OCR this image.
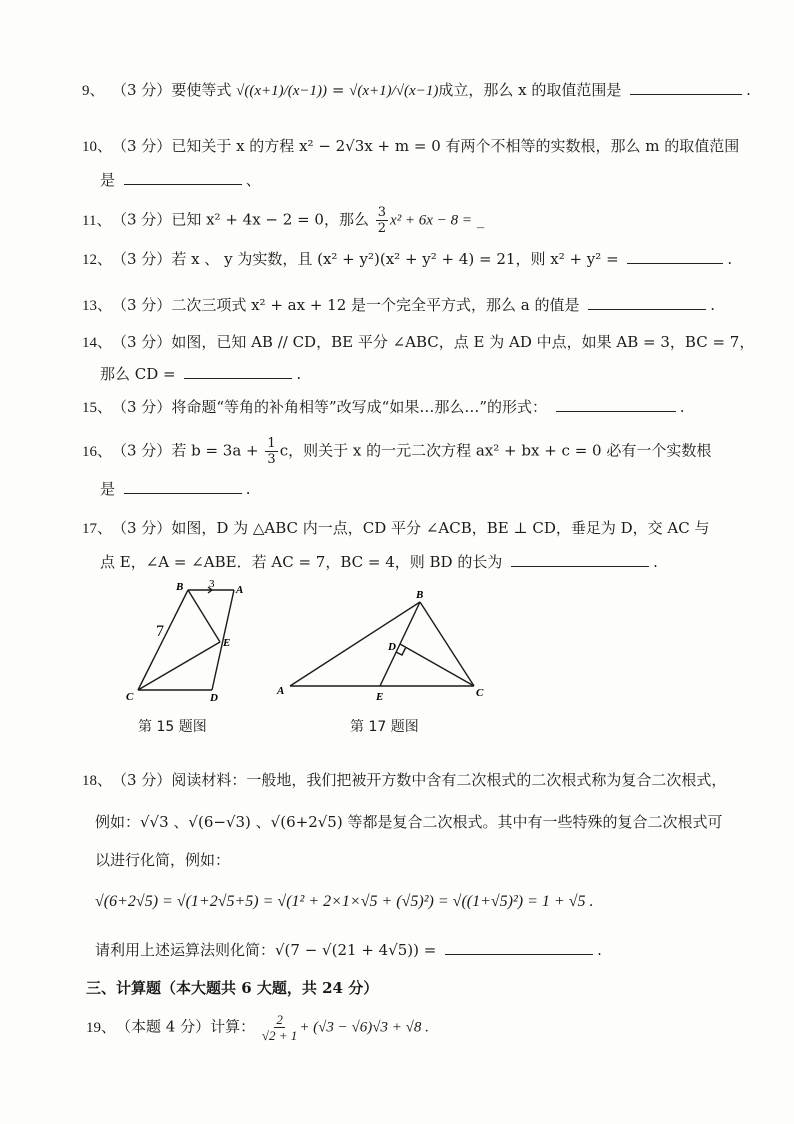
9、 （3 分）要使等式 √((x+1)/(x−1)) = √(x+1)/√(x−1)成立，那么 x 的取值范围是	.
10、（3 分）已知关于 x 的方程 x² − 2√3x + m = 0 有两个不相等的实数根，那么 m 的取值范围
是	、
11、（3 分）已知 x² + 4x − 2 = 0，那么 $\frac{3}{2} x^2 + 6x - 8$ = _
12、（3 分）若 x 、 y 为实数，且 (x² + y²)(x² + y² + 4) = 21，则 x² + y² =	.
13、（3 分）二次三项式 x² + ax + 12 是一个完全平方式，那么 a 的值是	.
14、（3 分）如图，已知 AB // CD，BE 平分 ∠ABC，点 E 为 AD 中点，如果 AB = 3，BC = 7，
那么 CD =	.
15、（3 分）将命题“等角的补角相等”改写成“如果…那么…”的形式：	.
16、（3 分）若 $b = 3a + \frac{1}{3}$ c，则关于 x 的一元二次方程 ax² + bx + c = 0 必有一个实数根
是	.
17、（3 分）如图，D 为 △ABC 内一点，CD 平分 ∠ACB，BE ⊥ CD，垂足为 D，交 AC 与
点 E，∠A = ∠ABE．若 AC = 7，BC = 4，则 BD 的长为	.
B	A
E
C	D
3
7
第 15 题图
B
D
A	E	C
第 17 题图
18、（3 分）阅读材料：一般地，我们把被开方数中含有二次根式的二次根式称为复合二次根式，
例如：√√3 、√(6−√3) 、√(6+2√5) 等都是复合二次根式。其中有一些特殊的复合二次根式可
以进行化简，例如：
√(6+2√5) = √(1+2√5+5) = √(1² + 2×1×√5 + (√5)²) = √((1+√5)²) = 1 + √5 .
请利用上述运算法则化简：√(7 − √(21 + 4√5)) =	.
三、计算题（本大题共 6 大题，共 24 分）
19、（本题 4 分）计算： $\frac{2}{√2 + 1} + (√3 - √6)√3 + √8$ .
